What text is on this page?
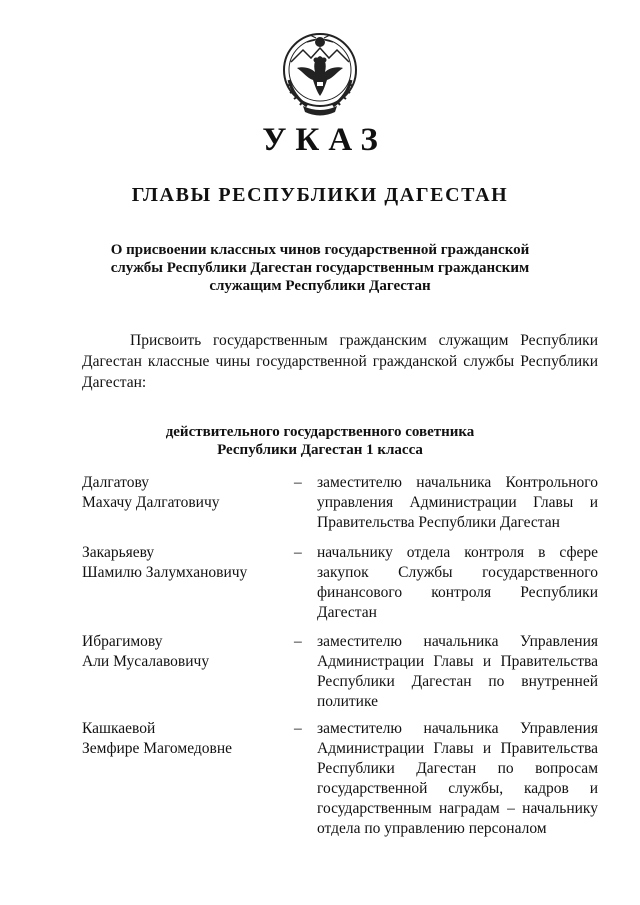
УКАЗ
ГЛАВЫ РЕСПУБЛИКИ ДАГЕСТАН
О присвоении классных чинов государственной гражданской
службы Республики Дагестан государственным гражданским
служащим Республики Дагестан
Присвоить государственным гражданским служащим Республики Дагестан классные чины государственной гражданской службы Республики Дагестан:
действительного государственного советника
Республики Дагестан 1 класса
Далгатову
Махачу Далгатовичу
– заместителю начальника Контрольного
управления Администрации Главы и
Правительства Республики Дагестан
Закарьяеву
Шамилю Залумхановичу
– начальнику отдела контроля в сфере
закупок Службы государственного
финансового контроля Республики
Дагестан
Ибрагимову
Али Мусалавовичу
– заместителю начальника Управления
Администрации Главы и Правительства
Республики Дагестан по внутренней
политике
Кашкаевой
Земфире Магомедовне
– заместителю начальника Управления
Администрации Главы и Правительства
Республики Дагестан по вопросам
государственной службы, кадров и
государственным наградам – начальнику
отдела по управлению персоналом
